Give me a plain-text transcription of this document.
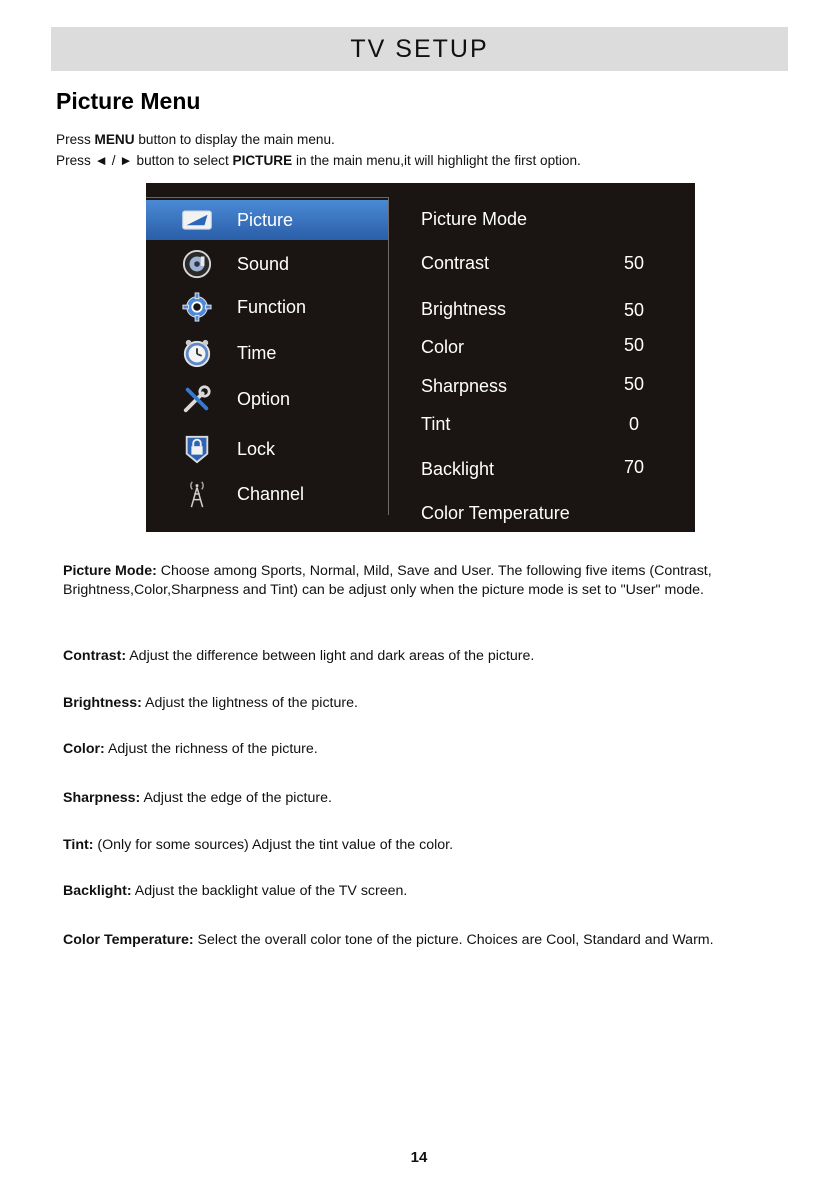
TV SETUP
Picture Menu
Press MENU button to display the main menu.
Press ◄ / ► button to select PICTURE in the main menu,it will highlight the first option.
Picture
Sound
Function
Time
Option
Lock
Channel
Picture Mode
Contrast	50
Brightness	50
Color	50
Sharpness	50
Tint	0
Backlight	70
Color Temperature
Picture Mode: Choose among Sports, Normal, Mild, Save and User. The following five items (Contrast, Brightness,Color,Sharpness and Tint) can be adjust only when the picture mode is set to "User" mode.
Contrast: Adjust the difference between light and dark areas of the picture.
Brightness: Adjust the lightness of the picture.
Color: Adjust the richness of the picture.
Sharpness: Adjust the edge of the picture.
Tint: (Only for some sources) Adjust the tint value of the color.
Backlight: Adjust the backlight value of the TV screen.
Color Temperature: Select the overall color tone of the picture. Choices are Cool, Standard and Warm.
14
